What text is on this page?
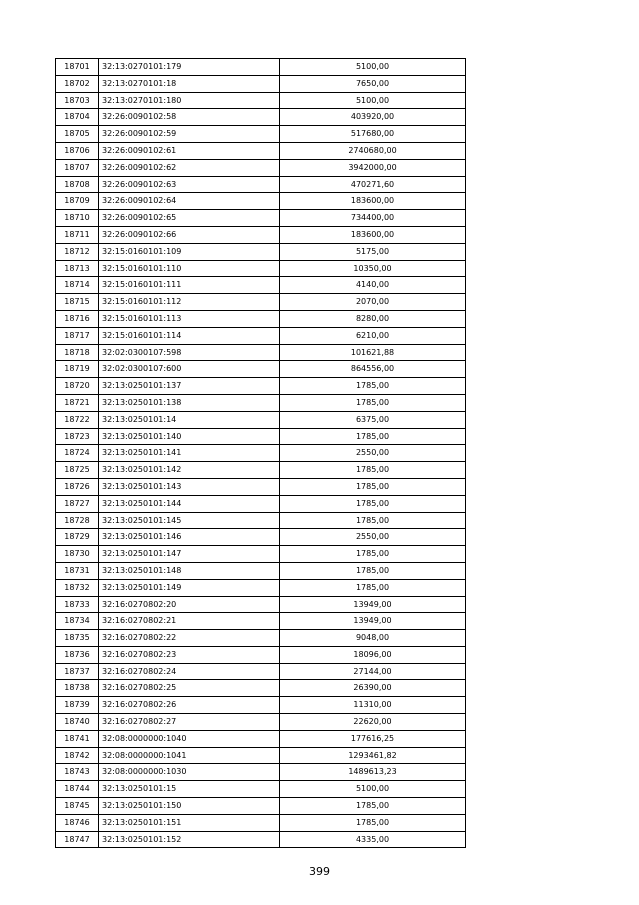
18701	32:13:0270101:179	5100,00
18702	32:13:0270101:18	7650,00
18703	32:13:0270101:180	5100,00
18704	32:26:0090102:58	403920,00
18705	32:26:0090102:59	517680,00
18706	32:26:0090102:61	2740680,00
18707	32:26:0090102:62	3942000,00
18708	32:26:0090102:63	470271,60
18709	32:26:0090102:64	183600,00
18710	32:26:0090102:65	734400,00
18711	32:26:0090102:66	183600,00
18712	32:15:0160101:109	5175,00
18713	32:15:0160101:110	10350,00
18714	32:15:0160101:111	4140,00
18715	32:15:0160101:112	2070,00
18716	32:15:0160101:113	8280,00
18717	32:15:0160101:114	6210,00
18718	32:02:0300107:598	101621,88
18719	32:02:0300107:600	864556,00
18720	32:13:0250101:137	1785,00
18721	32:13:0250101:138	1785,00
18722	32:13:0250101:14	6375,00
18723	32:13:0250101:140	1785,00
18724	32:13:0250101:141	2550,00
18725	32:13:0250101:142	1785,00
18726	32:13:0250101:143	1785,00
18727	32:13:0250101:144	1785,00
18728	32:13:0250101:145	1785,00
18729	32:13:0250101:146	2550,00
18730	32:13:0250101:147	1785,00
18731	32:13:0250101:148	1785,00
18732	32:13:0250101:149	1785,00
18733	32:16:0270802:20	13949,00
18734	32:16:0270802:21	13949,00
18735	32:16:0270802:22	9048,00
18736	32:16:0270802:23	18096,00
18737	32:16:0270802:24	27144,00
18738	32:16:0270802:25	26390,00
18739	32:16:0270802:26	11310,00
18740	32:16:0270802:27	22620,00
18741	32:08:0000000:1040	177616,25
18742	32:08:0000000:1041	1293461,82
18743	32:08:0000000:1030	1489613,23
18744	32:13:0250101:15	5100,00
18745	32:13:0250101:150	1785,00
18746	32:13:0250101:151	1785,00
18747	32:13:0250101:152	4335,00
399
